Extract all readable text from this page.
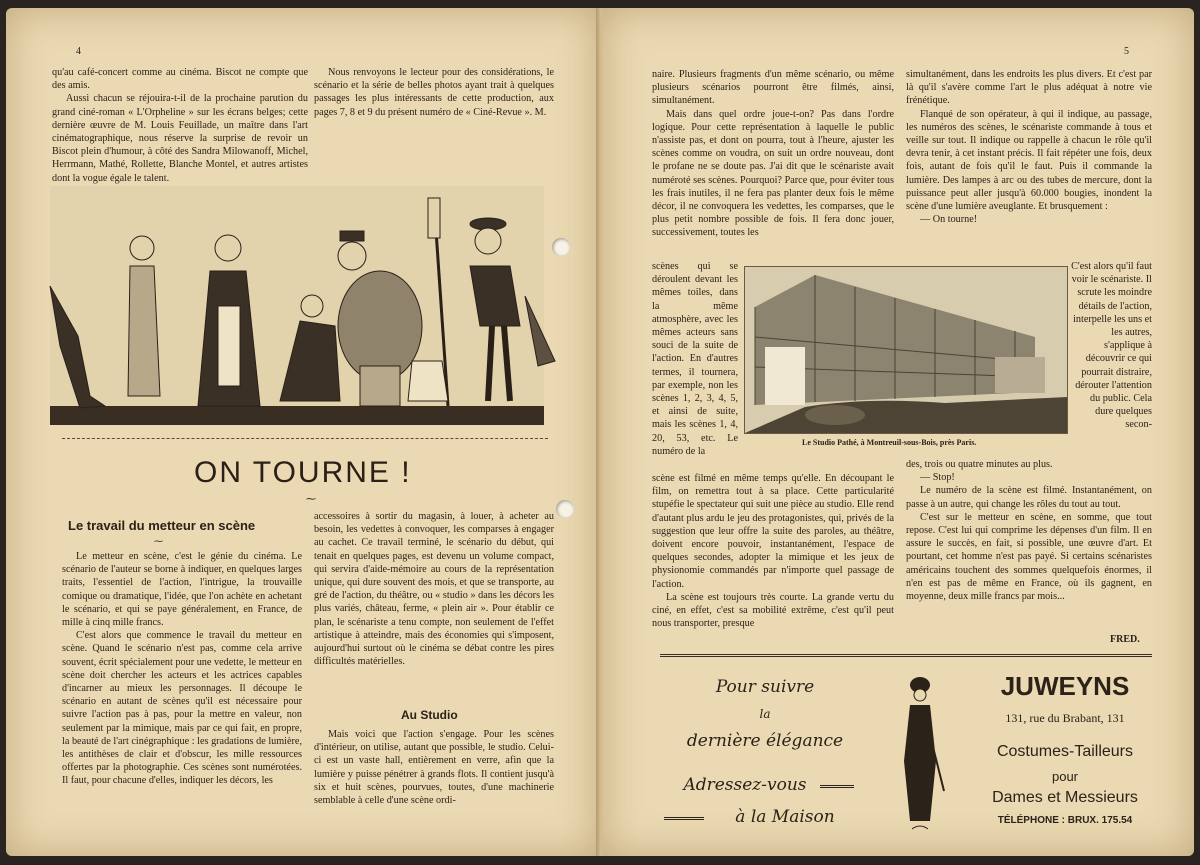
4

qu'au café-concert comme au cinéma. Biscot ne compte que des amis.

Aussi chacun se réjouira-t-il de la prochaine parution du grand ciné-roman « L'Orpheline » sur les écrans belges; cette dernière œuvre de M. Louis Feuillade, un maître dans l'art cinématographique, nous réserve la surprise de revoir un Biscot plein d'humour, à côté des Sandra Milowanoff, Michel, Herrmann, Mathé, Rollette, Blanche Montel, et autres artistes dont la vogue égale le talent.

Nous renvoyons le lecteur pour des considérations, le scénario et la série de belles photos ayant trait à quelques passages les plus intéressants de cette production, aux pages 7, 8 et 9 du présent numéro de « Ciné-Revue ». M.

ON TOURNE !
⁓
Le travail du metteur en scène
⁓

Le metteur en scène, c'est le génie du cinéma. Le scénario de l'auteur se borne à indiquer, en quelques larges traits, l'essentiel de l'action, l'intrigue, la trouvaille comique ou dramatique, l'idée, que l'on achète en achetant le scénario, et qui se paye généralement, en France, de mille à cinq mille francs.

C'est alors que commence le travail du metteur en scène. Quand le scénario n'est pas, comme cela arrive souvent, écrit spécialement pour une vedette, le metteur en scène doit chercher les acteurs et les actrices capables d'incarner au mieux les personnages. Il découpe le scénario en autant de scènes qu'il est nécessaire pour suivre l'action pas à pas, pour la mettre en valeur, non seulement par la mimique, mais par ce qui fait, en propre, la beauté de l'art cinégraphique : les gradations de lumière, les antithèses de clair et d'obscur, les mille ressources offertes par la photographie. Ces scènes sont numérotées. Il faut, pour chacune d'elles, indiquer les décors, les

accessoires à sortir du magasin, à louer, à acheter au besoin, les vedettes à convoquer, les comparses à engager au cachet. Ce travail terminé, le scénario du début, qui tenait en quelques pages, est devenu un volume compact, qui servira d'aide-mémoire au cours de la représentation unique, qui dure souvent des mois, et que se transporte, au gré de l'action, du théâtre, ou « studio » dans les décors les plus variés, château, ferme, « plein air ». Pour établir ce plan, le scénariste a tenu compte, non seulement de l'effet artistique à atteindre, mais des économies qui s'imposent, aujourd'hui surtout où le cinéma se débat contre les pires difficultés matérielles.

Au Studio

Mais voici que l'action s'engage. Pour les scènes d'intérieur, on utilise, autant que possible, le studio. Celui-ci est un vaste hall, entièrement en verre, afin que la lumière y puisse pénétrer à grands flots. Il contient jusqu'à six et huit scènes, pourvues, toutes, d'une machinerie semblable à celle d'une scène ordi-

5

naire. Plusieurs fragments d'un même scénario, ou même plusieurs scénarios pourront être filmés, ainsi, simultanément.

Mais dans quel ordre joue-t-on? Pas dans l'ordre logique. Pour cette représentation à laquelle le public n'assiste pas, et dont on pourra, tout à l'heure, ajuster les scènes comme on voudra, on suit un ordre nouveau, dont le profane ne se doute pas. J'ai dit que le scénariste avait numéroté ses scènes. Pourquoi? Parce que, pour éviter tous les frais inutiles, il ne fera pas planter deux fois le même décor, il ne convoquera les vedettes, les comparses, que le plus petit nombre possible de fois. Il fera donc jouer, successivement, toutes les

simultanément, dans les endroits les plus divers. Et c'est par là qu'il s'avère comme l'art le plus adéquat à notre vie frénétique.

Flanqué de son opérateur, à qui il indique, au passage, les numéros des scènes, le scénariste commande à tous et veille sur tout. Il indique ou rappelle à chacun le rôle qu'il devra tenir, à cet instant précis. Il fait répéter une fois, deux fois, autant de fois qu'il le faut. Puis il commande la lumière. Des lampes à arc ou des tubes de mercure, dont la puissance peut aller jusqu'à 60.000 bougies, inondent la scène d'une lumière aveuglante. Et brusquement :

— On tourne!

scènes qui se déroulent devant les mêmes toiles, dans la même atmosphère, avec les mêmes acteurs sans souci de la suite de l'action. En d'autres termes, il tournera, par exemple, non les scènes 1, 2, 3, 4, 5, et ainsi de suite, mais les scènes 1, 4, 20, 53, etc. Le numéro de la

Le Studio Pathé, à Montreuil-sous-Bois, près Paris.

C'est alors qu'il faut voir le scénariste. Il scrute les moindre détails de l'action, interpelle les uns et les autres, s'applique à découvrir ce qui pourrait distraire, dérouter l'attention du public. Cela dure quelques secon-

scène est filmé en même temps qu'elle. En découpant le film, on remettra tout à sa place. Cette particularité stupéfie le spectateur qui suit une pièce au studio. Elle rend d'autant plus ardu le jeu des protagonistes, qui, privés de la suggestion que leur offre la suite des paroles, au théâtre, doivent encore pouvoir, instantanément, l'espace de quelques secondes, adopter la mimique et les jeux de physionomie commandés par n'importe quel passage de l'action.

La scène est toujours très courte. La grande vertu du ciné, en effet, c'est sa mobilité extrême, c'est qu'il peut nous transporter, presque

des, trois ou quatre minutes au plus.

— Stop!

Le numéro de la scène est filmé. Instantanément, on passe à un autre, qui change les rôles du tout au tout.

C'est sur le metteur en scène, en somme, que tout repose. C'est lui qui comprime les dépenses d'un film. Il en assure le succès, en fait, si possible, une œuvre d'art. Et pourtant, cet homme n'est pas payé. Si certains scénaristes américains touchent des sommes quelquefois énormes, il n'en est pas de même en France, où ils gagnent, en moyenne, deux mille francs par mois...

FRED.
Pour suivre
la
dernière élégance
Adressez-vous
à la Maison
JUWEYNS
131, rue du Brabant, 131
Costumes-Tailleurs
pour
Dames et Messieurs
TÉLÉPHONE : BRUX. 175.54
